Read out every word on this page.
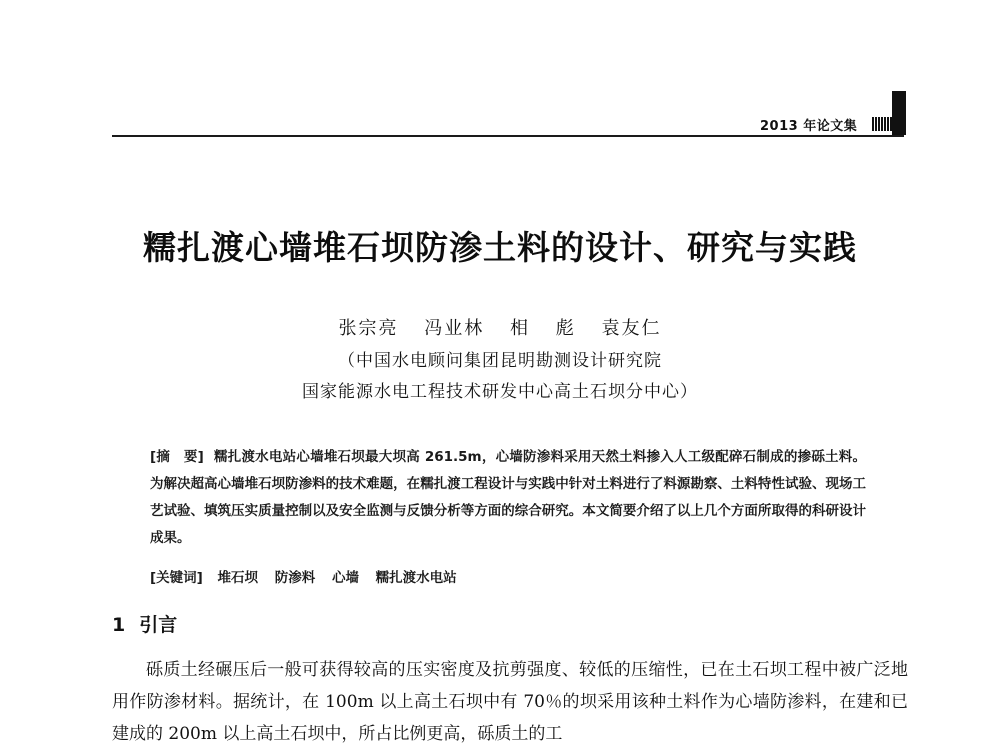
2013 年论文集
糯扎渡心墙堆石坝防渗土料的设计、研究与实践
张宗亮 冯业林 相 彪 袁友仁
（中国水电顾问集团昆明勘测设计研究院
国家能源水电工程技术研发中心高土石坝分中心）
[摘　要] 糯扎渡水电站心墙堆石坝最大坝高 261.5m，心墙防渗料采用天然土料掺入人工级配碎石制成的掺砾土料。为解决超高心墙堆石坝防渗料的技术难题，在糯扎渡工程设计与实践中针对土料进行了料源勘察、土料特性试验、现场工艺试验、填筑压实质量控制以及安全监测与反馈分析等方面的综合研究。本文简要介绍了以上几个方面所取得的科研设计成果。
[关键词] 堆石坝 防渗料 心墙 糯扎渡水电站
1 引言

砾质土经碾压后一般可获得较高的压实密度及抗剪强度、较低的压缩性，已在土石坝工程中被广泛地用作防渗材料。据统计，在 100m 以上高土石坝中有 70％的坝采用该种土料作为心墙防渗料，在建和已建成的 200m 以上高土石坝中，所占比例更高，砾质土的工
